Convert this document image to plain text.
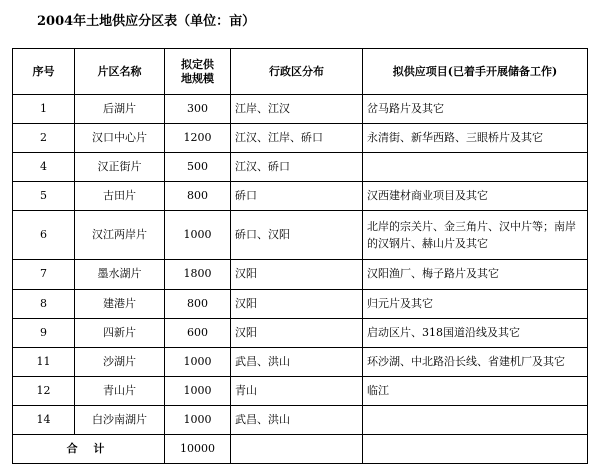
2004年土地供应分区表（单位：亩）
序号	片区名称	拟定供地规模	行政区分布	拟供应项目(已着手开展储备工作)
1	后湖片	300	江岸、江汉	岔马路片及其它
2	汉口中心片	1200	江汉、江岸、硚口	永清街、新华西路、三眼桥片及其它
4	汉正街片	500	江汉、硚口	
5	古田片	800	硚口	汉西建材商业项目及其它
6	汉江两岸片	1000	硚口、汉阳	北岸的宗关片、金三角片、汉中片等；南岸的汉钢片、赫山片及其它
7	墨水湖片	1800	汉阳	汉阳渔厂、梅子路片及其它
8	建港片	800	汉阳	归元片及其它
9	四新片	600	汉阳	启动区片、318国道沿线及其它
11	沙湖片	1000	武昌、洪山	环沙湖、中北路沿长线、省建机厂及其它
12	青山片	1000	青山	临江
14	白沙南湖片	1000	武昌、洪山	
合 计		10000		
